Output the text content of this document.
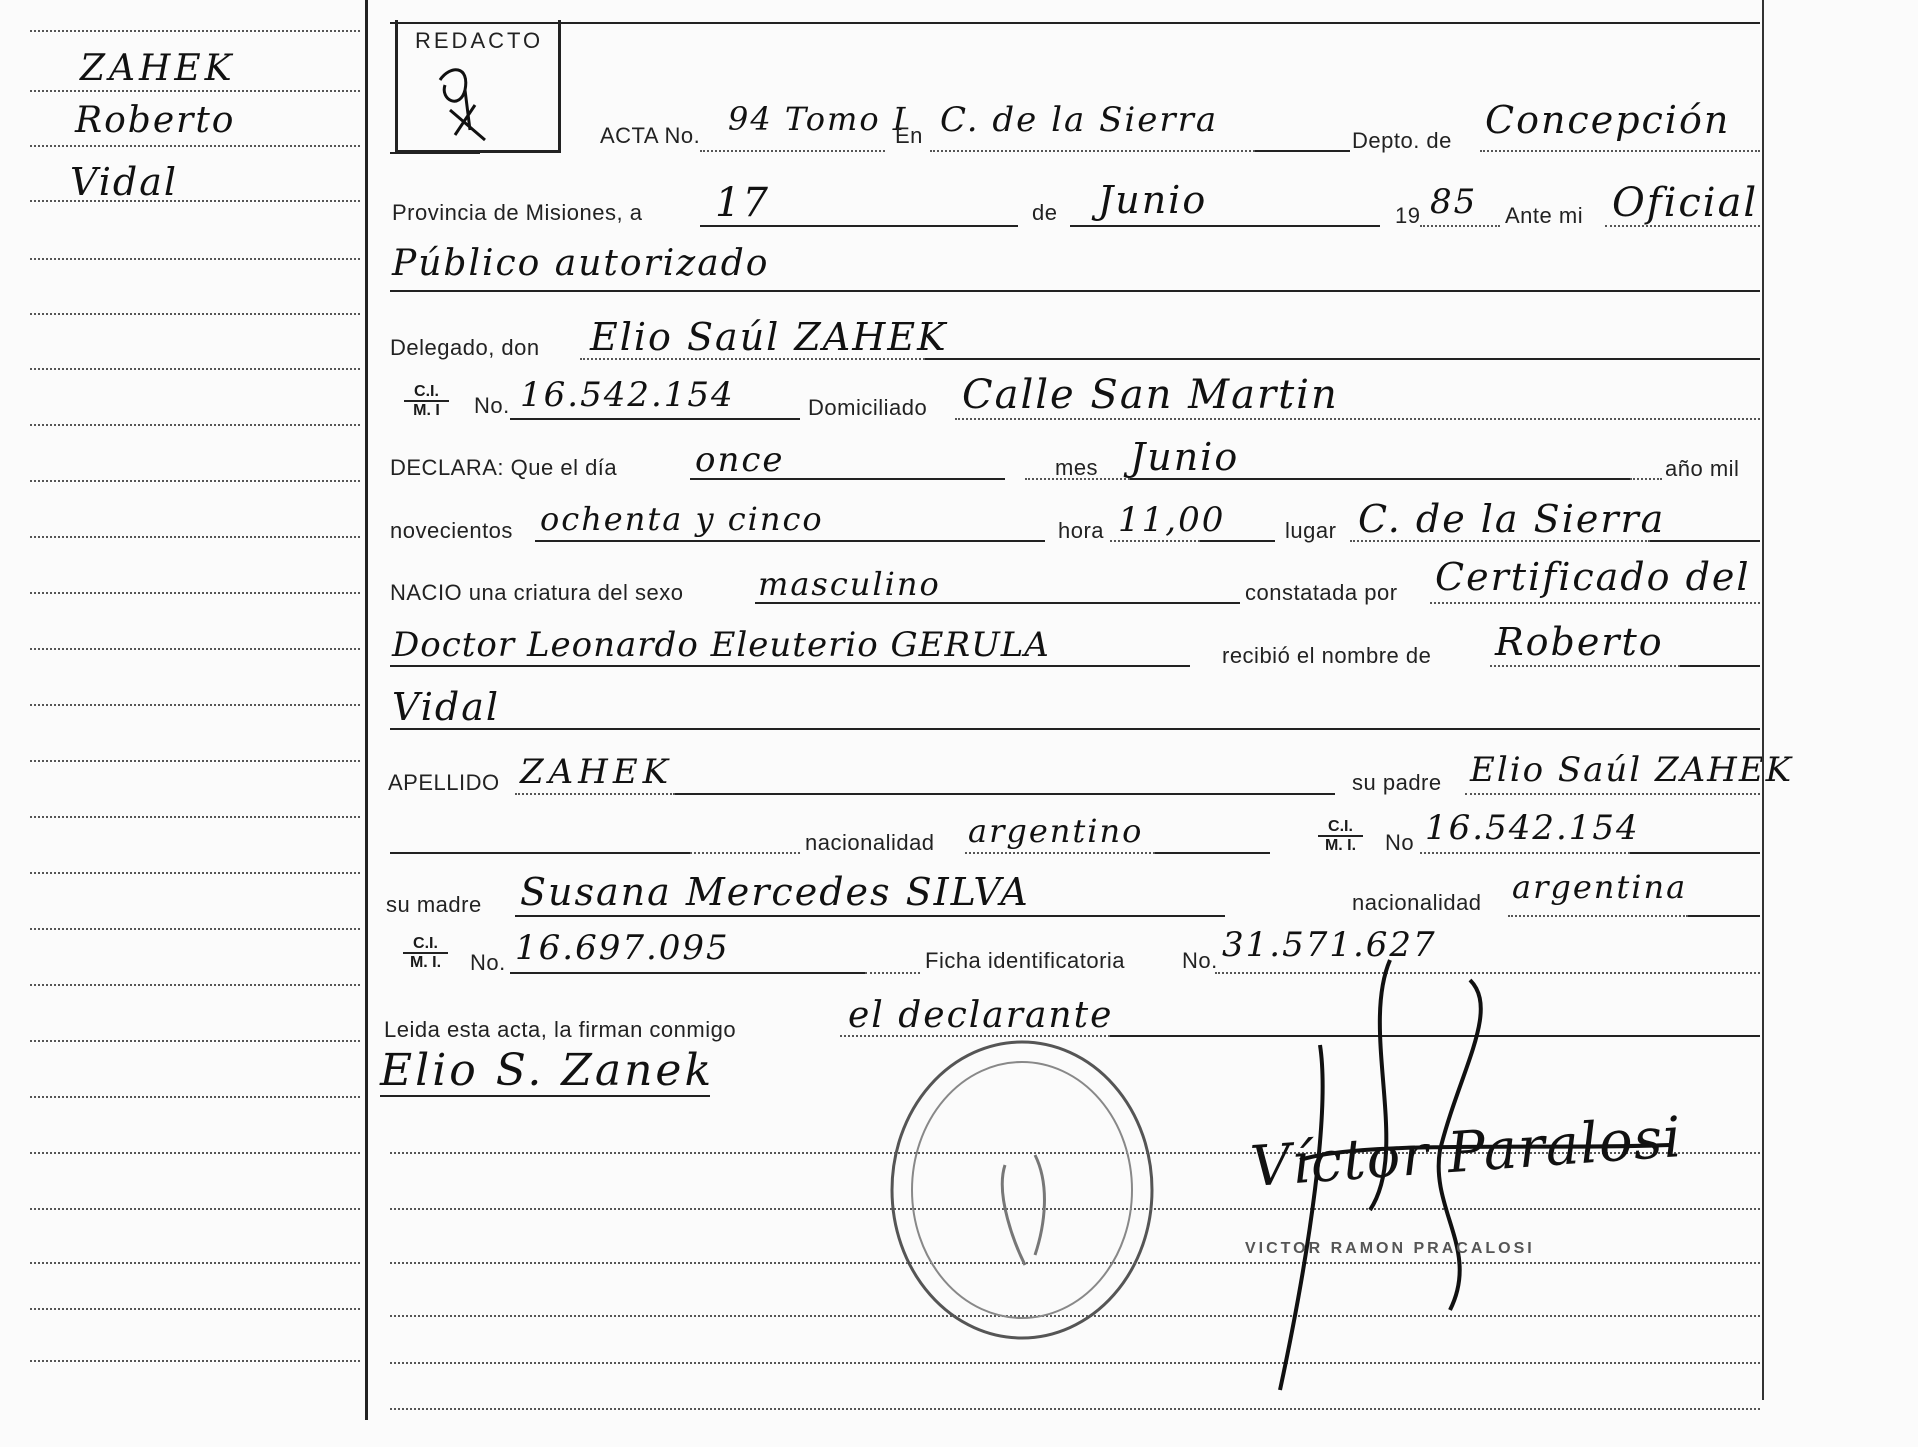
ZAHEK
Roberto
Vidal
REDACTO
ACTA No. 94 Tomo I
En C. de la Sierra
Depto. de Concepción
Provincia de Misiones, a 17	de Junio	19 85 Ante mi Oficial
Público autorizado
Delegado, don Elio Saúl ZAHEK
$\frac{C.I.}{M. I} No$. 16.542.154	Domiciliado Calle San Martin
DECLARA: Que el día once	mes Junio	año mil
novecientos ochenta y cinco	hora 11,00	lugar C. de la Sierra
NACIO una criatura del sexo masculino	constatada por Certificado del
Doctor Leonardo Eleuterio GERULA	recibió el nombre de Roberto
Vidal
APELLIDO ZAHEK	su padre Elio Saúl ZAHEK
nacionalidad argentino	$\frac{C.I.}{M. I.}$ No 16.542.154
su madre Susana Mercedes SILVA	nacionalidad argentina
$\frac{C.I.}{M. I.} No$. 16.697.095	Ficha identificatoria	No. 31.571.627
Leida esta acta, la firman conmigo	el declarante
Elio S. Zanek
Víctor Paralosi
VICTOR RAMON PRACALOSI
